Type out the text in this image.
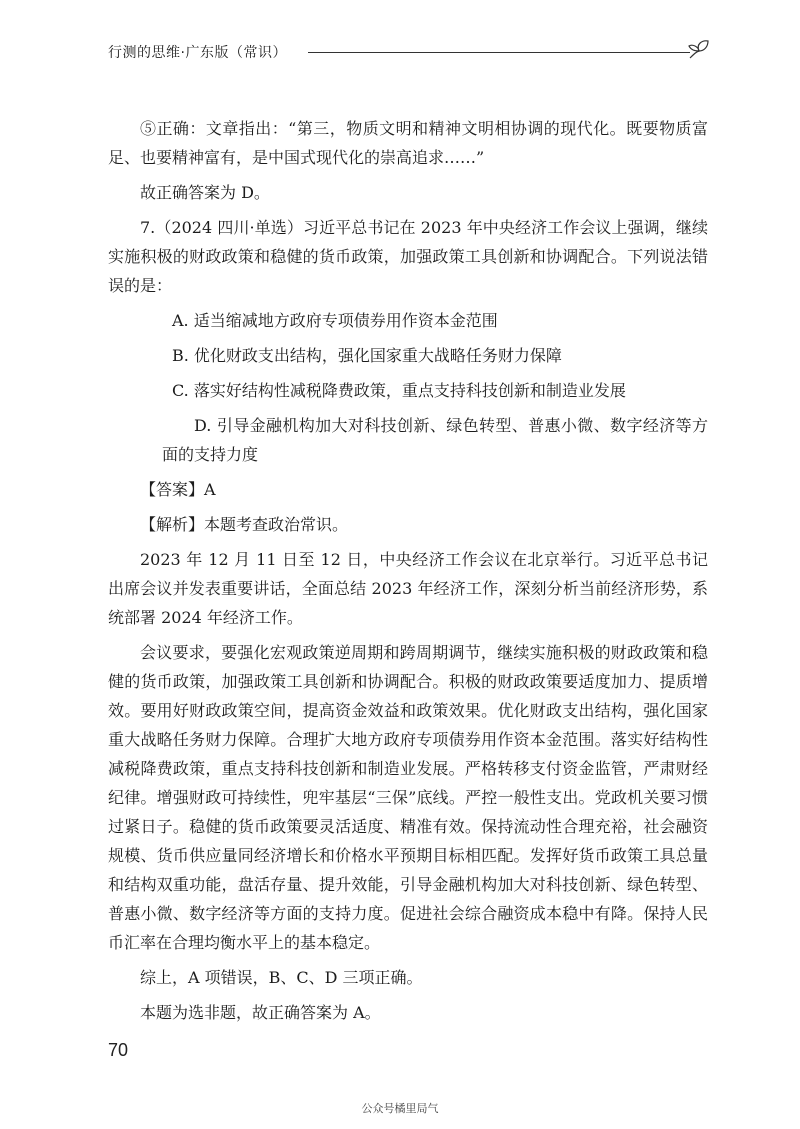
行测的思维·广东版（常识）

⑤正确：文章指出：“第三，物质文明和精神文明相协调的现代化。既要物质富足、也要精神富有，是中国式现代化的崇高追求……”

故正确答案为 D。

7.（2024 四川·单选）习近平总书记在 2023 年中央经济工作会议上强调，继续实施积极的财政政策和稳健的货币政策，加强政策工具创新和协调配合。下列说法错误的是：

A. 适当缩减地方政府专项债券用作资本金范围

B. 优化财政支出结构，强化国家重大战略任务财力保障

C. 落实好结构性减税降费政策，重点支持科技创新和制造业发展

D. 引导金融机构加大对科技创新、绿色转型、普惠小微、数字经济等方面的支持力度

【答案】A

【解析】本题考查政治常识。

2023 年 12 月 11 日至 12 日，中央经济工作会议在北京举行。习近平总书记出席会议并发表重要讲话，全面总结 2023 年经济工作，深刻分析当前经济形势，系统部署 2024 年经济工作。

会议要求，要强化宏观政策逆周期和跨周期调节，继续实施积极的财政政策和稳健的货币政策，加强政策工具创新和协调配合。积极的财政政策要适度加力、提质增效。要用好财政政策空间，提高资金效益和政策效果。优化财政支出结构，强化国家重大战略任务财力保障。合理扩大地方政府专项债券用作资本金范围。落实好结构性减税降费政策，重点支持科技创新和制造业发展。严格转移支付资金监管，严肃财经纪律。增强财政可持续性，兜牢基层“三保”底线。严控一般性支出。党政机关要习惯过紧日子。稳健的货币政策要灵活适度、精准有效。保持流动性合理充裕，社会融资规模、货币供应量同经济增长和价格水平预期目标相匹配。发挥好货币政策工具总量和结构双重功能，盘活存量、提升效能，引导金融机构加大对科技创新、绿色转型、普惠小微、数字经济等方面的支持力度。促进社会综合融资成本稳中有降。保持人民币汇率在合理均衡水平上的基本稳定。

综上，A 项错误，B、C、D 三项正确。

本题为选非题，故正确答案为 A。

70
公众号橘里局气
